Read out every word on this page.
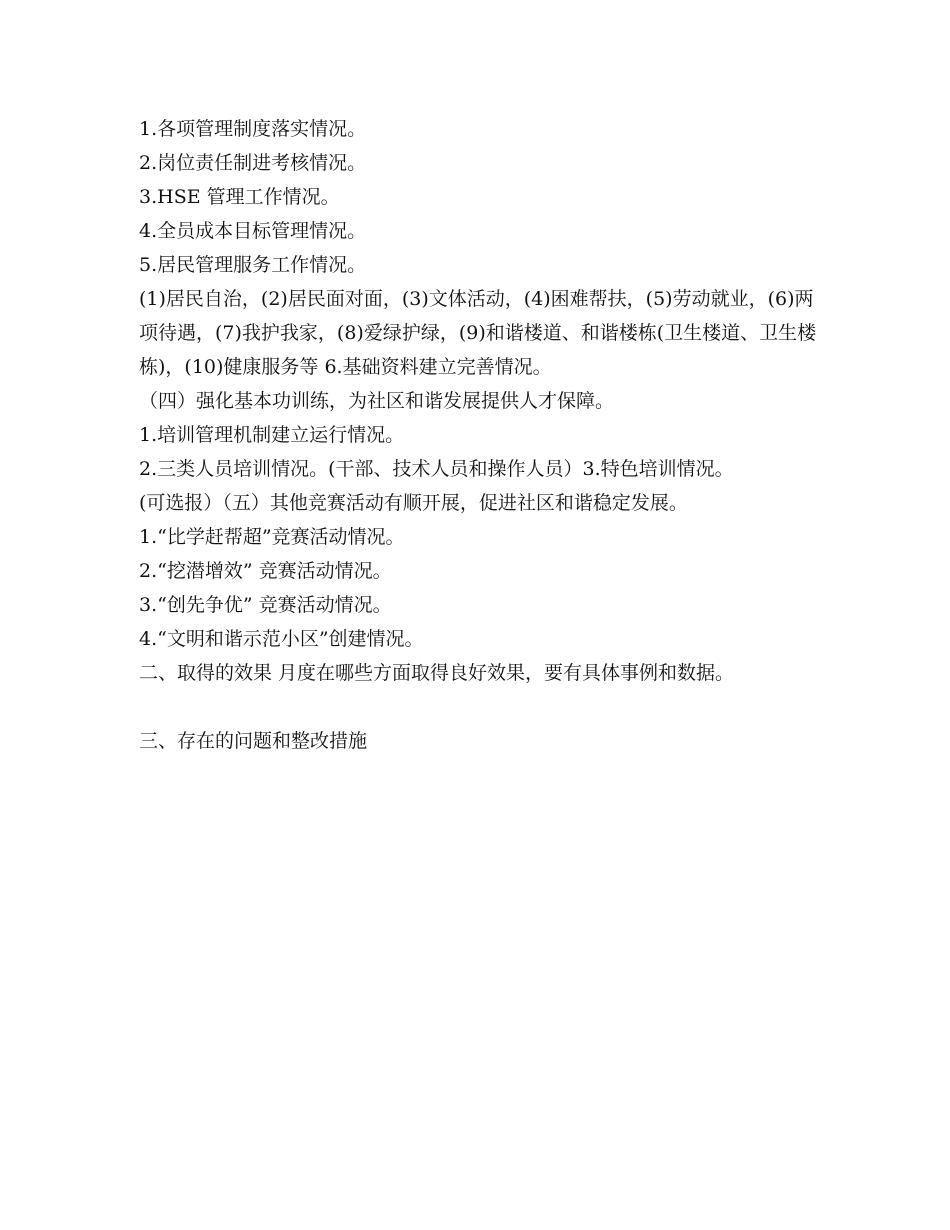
1.各项管理制度落实情况。

2.岗位责任制进考核情况。

3.HSE 管理工作情况。

4.全员成本目标管理情况。

5.居民管理服务工作情况。

(1)居民自治，(2)居民面对面，(3)文体活动，(4)困难帮扶，(5)劳动就业，(6)两项待遇，(7)我护我家，(8)爱绿护绿，(9)和谐楼道、和谐楼栋(卫生楼道、卫生楼栋)，(10)健康服务等 6.基础资料建立完善情况。

（四）强化基本功训练，为社区和谐发展提供人才保障。

1.培训管理机制建立运行情况。

2.三类人员培训情况。(干部、技术人员和操作人员）3.特色培训情况。

(可选报）（五）其他竞赛活动有顺开展，促进社区和谐稳定发展。

1.“比学赶帮超”竞赛活动情况。

2.“挖潜增效” 竞赛活动情况。

3.“创先争优” 竞赛活动情况。

4.“文明和谐示范小区”创建情况。

二、取得的效果 月度在哪些方面取得良好效果，要有具体事例和数据。

三、存在的问题和整改措施
